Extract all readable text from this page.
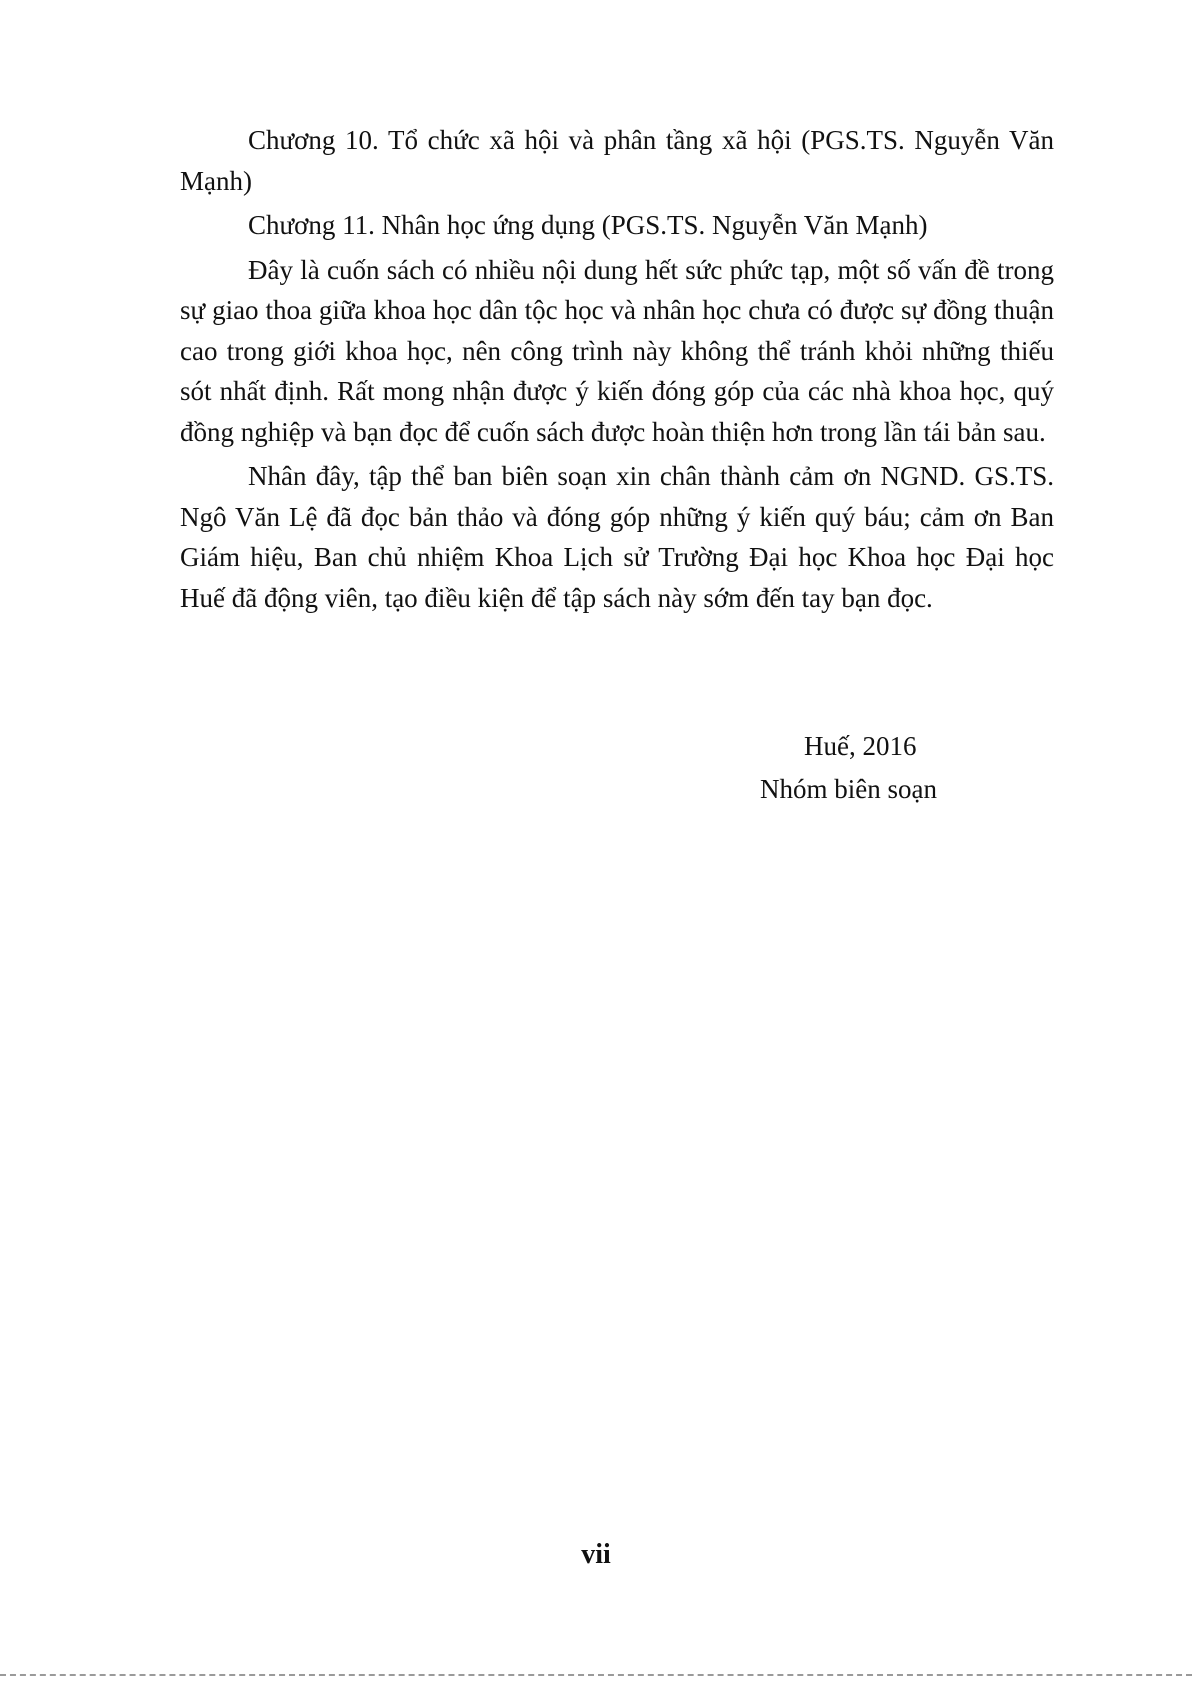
Chương 10. Tổ chức xã hội và phân tầng xã hội (PGS.TS. Nguyễn Văn Mạnh)

Chương 11. Nhân học ứng dụng (PGS.TS. Nguyễn Văn Mạnh)

Đây là cuốn sách có nhiều nội dung hết sức phức tạp, một số vấn đề trong sự giao thoa giữa khoa học dân tộc học và nhân học chưa có được sự đồng thuận cao trong giới khoa học, nên công trình này không thể tránh khỏi những thiếu sót nhất định. Rất mong nhận được ý kiến đóng góp của các nhà khoa học, quý đồng nghiệp và bạn đọc để cuốn sách được hoàn thiện hơn trong lần tái bản sau.

Nhân đây, tập thể ban biên soạn xin chân thành cảm ơn NGND. GS.TS. Ngô Văn Lệ đã đọc bản thảo và đóng góp những ý kiến quý báu; cảm ơn Ban Giám hiệu, Ban chủ nhiệm Khoa Lịch sử Trường Đại học Khoa học Đại học Huế đã động viên, tạo điều kiện để tập sách này sớm đến tay bạn đọc.

Huế, 2016
Nhóm biên soạn
vii
